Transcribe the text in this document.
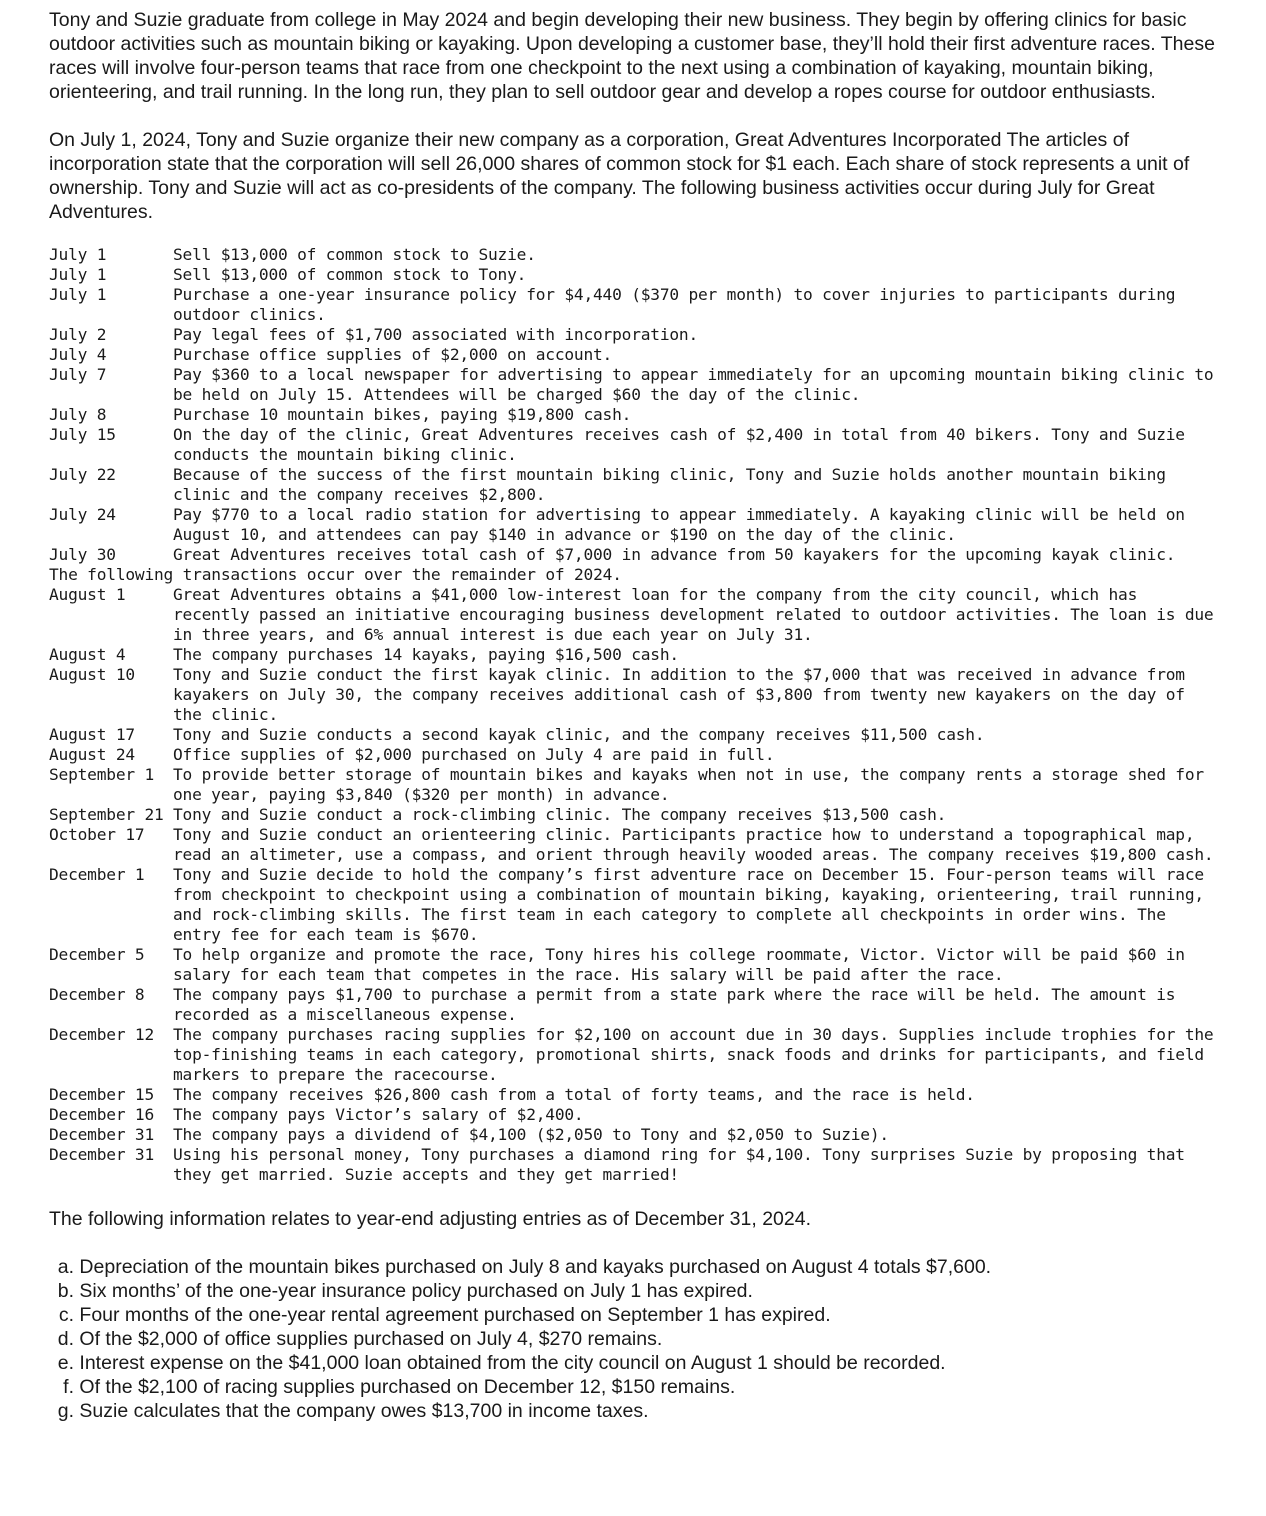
Tony and Suzie graduate from college in May 2024 and begin developing their new business. They begin by offering clinics for basic outdoor activities such as mountain biking or kayaking. Upon developing a customer base, they’ll hold their first adventure races. These races will involve four-person teams that race from one checkpoint to the next using a combination of kayaking, mountain biking, orienteering, and trail running. In the long run, they plan to sell outdoor gear and develop a ropes course for outdoor enthusiasts.

On July 1, 2024, Tony and Suzie organize their new company as a corporation, Great Adventures Incorporated The articles of incorporation state that the corporation will sell 26,000 shares of common stock for $1 each. Each share of stock represents a unit of ownership. Tony and Suzie will act as co-presidents of the company. The following business activities occur during July for Great Adventures.

July 1	Sell $13,000 of common stock to Suzie.
July 1	Sell $13,000 of common stock to Tony.
July 1	Purchase a one-year insurance policy for $4,440 ($370 per month) to cover injuries to participants during outdoor clinics.
July 2	Pay legal fees of $1,700 associated with incorporation.
July 4	Purchase office supplies of $2,000 on account.
July 7	Pay $360 to a local newspaper for advertising to appear immediately for an upcoming mountain biking clinic to be held on July 15. Attendees will be charged $60 the day of the clinic.
July 8	Purchase 10 mountain bikes, paying $19,800 cash.
July 15	On the day of the clinic, Great Adventures receives cash of $2,400 in total from 40 bikers. Tony and Suzie conducts the mountain biking clinic.
July 22	Because of the success of the first mountain biking clinic, Tony and Suzie holds another mountain biking clinic and the company receives $2,800.
July 24	Pay $770 to a local radio station for advertising to appear immediately. A kayaking clinic will be held on August 10, and attendees can pay $140 in advance or $190 on the day of the clinic.
July 30	Great Adventures receives total cash of $7,000 in advance from 50 kayakers for the upcoming kayak clinic.
The following transactions occur over the remainder of 2024.
August 1	Great Adventures obtains a $41,000 low-interest loan for the company from the city council, which has recently passed an initiative encouraging business development related to outdoor activities. The loan is due in three years, and 6% annual interest is due each year on July 31.
August 4	The company purchases 14 kayaks, paying $16,500 cash.
August 10	Tony and Suzie conduct the first kayak clinic. In addition to the $7,000 that was received in advance from kayakers on July 30, the company receives additional cash of $3,800 from twenty new kayakers on the day of the clinic.
August 17	Tony and Suzie conducts a second kayak clinic, and the company receives $11,500 cash.
August 24	Office supplies of $2,000 purchased on July 4 are paid in full.
September 1	To provide better storage of mountain bikes and kayaks when not in use, the company rents a storage shed for one year, paying $3,840 ($320 per month) in advance.
September 21 Tony and Suzie conduct a rock-climbing clinic. The company receives $13,500 cash.
October 17	Tony and Suzie conduct an orienteering clinic. Participants practice how to understand a topographical map, read an altimeter, use a compass, and orient through heavily wooded areas. The company receives $19,800 cash.
December 1	Tony and Suzie decide to hold the company’s first adventure race on December 15. Four-person teams will race from checkpoint to checkpoint using a combination of mountain biking, kayaking, orienteering, trail running, and rock-climbing skills. The first team in each category to complete all checkpoints in order wins. The entry fee for each team is $670.
December 5	To help organize and promote the race, Tony hires his college roommate, Victor. Victor will be paid $60 in salary for each team that competes in the race. His salary will be paid after the race.
December 8	The company pays $1,700 to purchase a permit from a state park where the race will be held. The amount is recorded as a miscellaneous expense.
December 12	The company purchases racing supplies for $2,100 on account due in 30 days. Supplies include trophies for the top-finishing teams in each category, promotional shirts, snack foods and drinks for participants, and field markers to prepare the racecourse.
December 15	The company receives $26,800 cash from a total of forty teams, and the race is held.
December 16	The company pays Victor’s salary of $2,400.
December 31	The company pays a dividend of $4,100 ($2,050 to Tony and $2,050 to Suzie).
December 31	Using his personal money, Tony purchases a diamond ring for $4,100. Tony surprises Suzie by proposing that they get married. Suzie accepts and they get married!

The following information relates to year-end adjusting entries as of December 31, 2024.

a.
Depreciation of the mountain bikes purchased on July 8 and kayaks purchased on August 4 totals $7,600.
b.
Six months’ of the one-year insurance policy purchased on July 1 has expired.
c.
Four months of the one-year rental agreement purchased on September 1 has expired.
d.
Of the $2,000 of office supplies purchased on July 4, $270 remains.
e.
Interest expense on the $41,000 loan obtained from the city council on August 1 should be recorded.
f.
Of the $2,100 of racing supplies purchased on December 12, $150 remains.
g.
Suzie calculates that the company owes $13,700 in income taxes.
